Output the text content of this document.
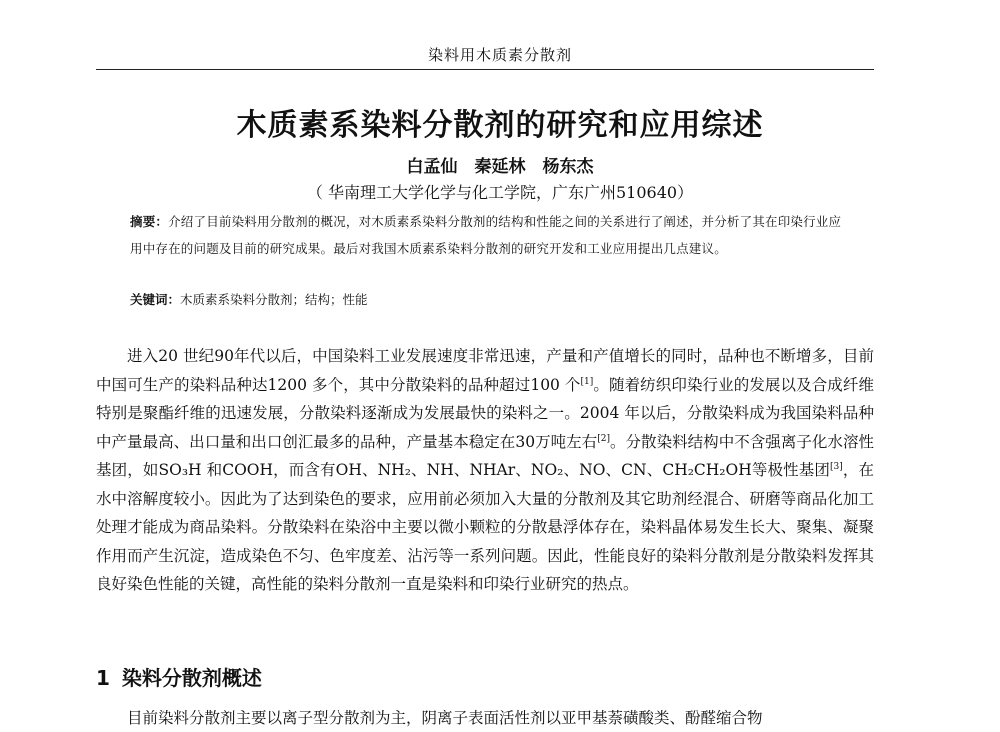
染料用木质素分散剂
木质素系染料分散剂的研究和应用综述
白孟仙　秦延林　杨东杰
（ 华南理工大学化学与化工学院，广东广州510640）
摘要：介绍了目前染料用分散剂的概况，对木质素系染料分散剂的结构和性能之间的关系进行了阐述，并分析了其在印染行业应用中存在的问题及目前的研究成果。最后对我国木质素系染料分散剂的研究开发和工业应用提出几点建议。
关键词：木质素系染料分散剂；结构；性能
进入20 世纪90年代以后，中国染料工业发展速度非常迅速，产量和产值增长的同时，品种也不断增多，目前中国可生产的染料品种达1200 多个，其中分散染料的品种超过100 个[1]。随着纺织印染行业的发展以及合成纤维特别是聚酯纤维的迅速发展，分散染料逐渐成为发展最快的染料之一。2004 年以后，分散染料成为我国染料品种中产量最高、出口量和出口创汇最多的品种，产量基本稳定在30万吨左右[2]。分散染料结构中不含强离子化水溶性基团，如SO₃H 和COOH，而含有OH、NH₂、NH、NHAr、NO₂、NO、CN、CH₂CH₂OH等极性基团[3]，在水中溶解度较小。因此为了达到染色的要求，应用前必须加入大量的分散剂及其它助剂经混合、研磨等商品化加工处理才能成为商品染料。分散染料在染浴中主要以微小颗粒的分散悬浮体存在，染料晶体易发生长大、聚集、凝聚作用而产生沉淀，造成染色不匀、色牢度差、沾污等一系列问题。因此，性能良好的染料分散剂是分散染料发挥其良好染色性能的关键，高性能的染料分散剂一直是染料和印染行业研究的热点。
1 染料分散剂概述
目前染料分散剂主要以离子型分散剂为主，阴离子表面活性剂以亚甲基萘磺酸类、酚醛缩合物
